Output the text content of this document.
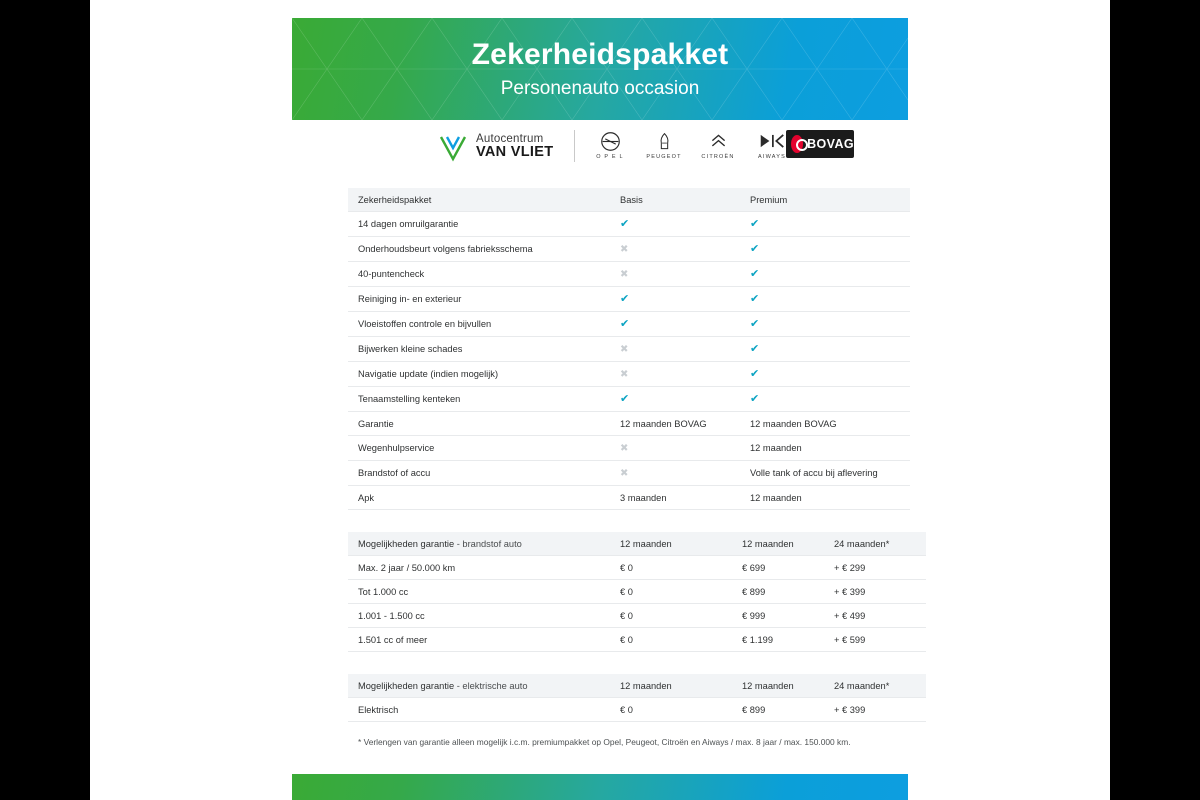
Zekerheidspakket
Personenauto occasion
Autocentrum
VAN VLIET	O P E L	PEUGEOT	CITROËN	AIWAYS
BOVAG
Zekerheidspakket	Basis	Premium
14 dagen omruilgarantie	✔	✔
Onderhoudsbeurt volgens fabrieksschema	✖	✔
40-puntencheck	✖	✔
Reiniging in- en exterieur	✔	✔
Vloeistoffen controle en bijvullen	✔	✔
Bijwerken kleine schades	✖	✔
Navigatie update (indien mogelijk)	✖	✔
Tenaamstelling kenteken	✔	✔
Garantie	12 maanden BOVAG	12 maanden BOVAG
Wegenhulpservice	✖	12 maanden
Brandstof of accu	✖	Volle tank of accu bij aflevering
Apk	3 maanden	12 maanden
Mogelijkheden garantie - brandstof auto	12 maanden	12 maanden	24 maanden*
Max. 2 jaar / 50.000 km	€ 0	€ 699	+ € 299
Tot 1.000 cc	€ 0	€ 899	+ € 399
1.001 - 1.500 cc	€ 0	€ 999	+ € 499
1.501 cc of meer	€ 0	€ 1.199	+ € 599
Mogelijkheden garantie - elektrische auto	12 maanden	12 maanden	24 maanden*
Elektrisch	€ 0	€ 899	+ € 399
* Verlengen van garantie alleen mogelijk i.c.m. premiumpakket op Opel, Peugeot, Citroën en Aiways / max. 8 jaar / max. 150.000 km.
